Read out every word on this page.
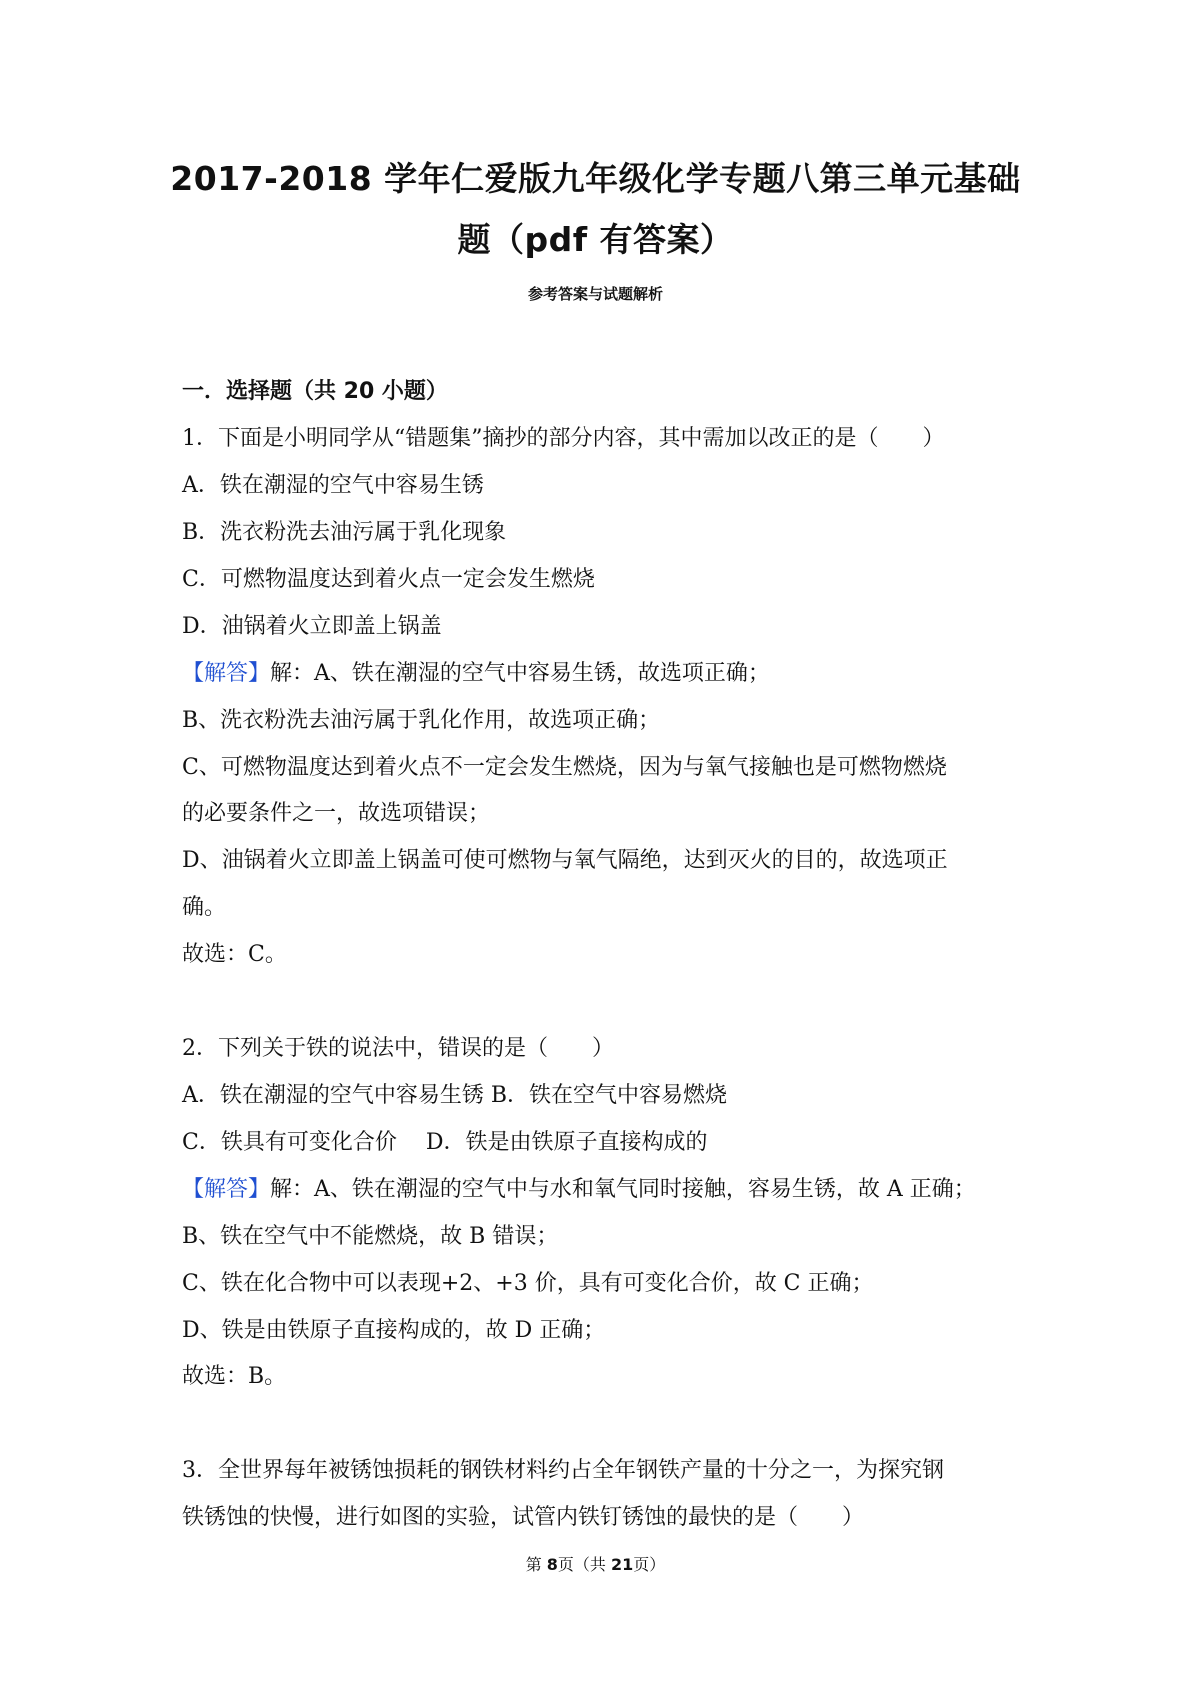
2017-2018 学年仁爱版九年级化学专题八第三单元基础
题（pdf 有答案）
参考答案与试题解析
一．选择题（共 20 小题）
1．下面是小明同学从“错题集”摘抄的部分内容，其中需加以改正的是（　　）
A．铁在潮湿的空气中容易生锈
B．洗衣粉洗去油污属于乳化现象
C．可燃物温度达到着火点一定会发生燃烧
D．油锅着火立即盖上锅盖
【解答】解：A、铁在潮湿的空气中容易生锈，故选项正确；
B、洗衣粉洗去油污属于乳化作用，故选项正确；
C、可燃物温度达到着火点不一定会发生燃烧，因为与氧气接触也是可燃物燃烧
的必要条件之一，故选项错误；
D、油锅着火立即盖上锅盖可使可燃物与氧气隔绝，达到灭火的目的，故选项正
确。
故选：C。
2．下列关于铁的说法中，错误的是（　　）
A．铁在潮湿的空气中容易生锈 B．铁在空气中容易燃烧
C．铁具有可变化合价　 D．铁是由铁原子直接构成的
【解答】解：A、铁在潮湿的空气中与水和氧气同时接触，容易生锈，故 A 正确；
B、铁在空气中不能燃烧，故 B 错误；
C、铁在化合物中可以表现+2、+3 价，具有可变化合价，故 C 正确；
D、铁是由铁原子直接构成的，故 D 正确；
故选：B。
3．全世界每年被锈蚀损耗的钢铁材料约占全年钢铁产量的十分之一，为探究钢
铁锈蚀的快慢，进行如图的实验，试管内铁钉锈蚀的最快的是（　　）
第 8页（共 21页）
